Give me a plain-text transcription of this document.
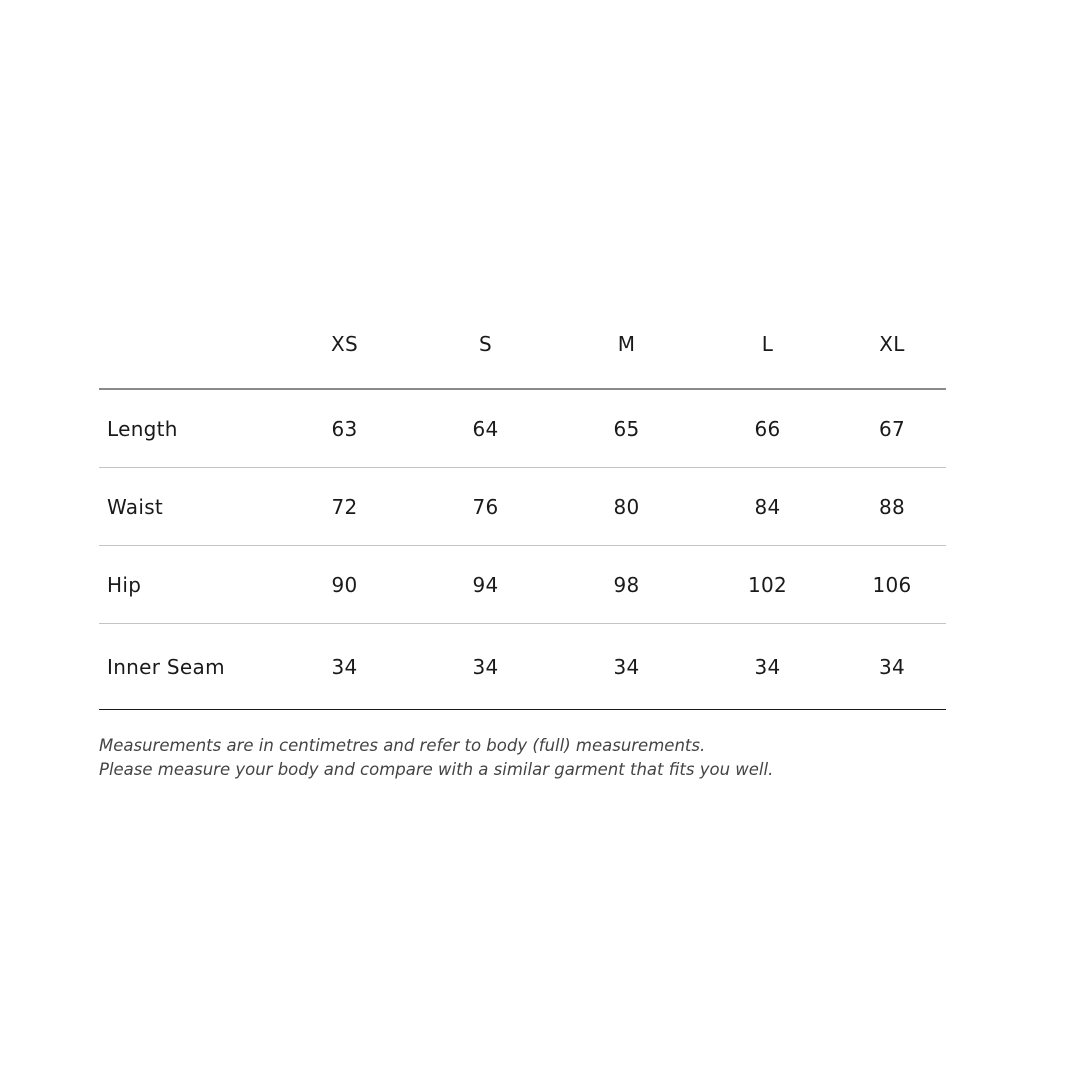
	XS	S	M	L	XL
Length	63	64	65	66	67
Waist	72	76	80	84	88
Hip	90	94	98	102	106
Inner Seam	34	34	34	34	34

Measurements are in centimetres and refer to body (full) measurements.

Please measure your body and compare with a similar garment that fits you well.
